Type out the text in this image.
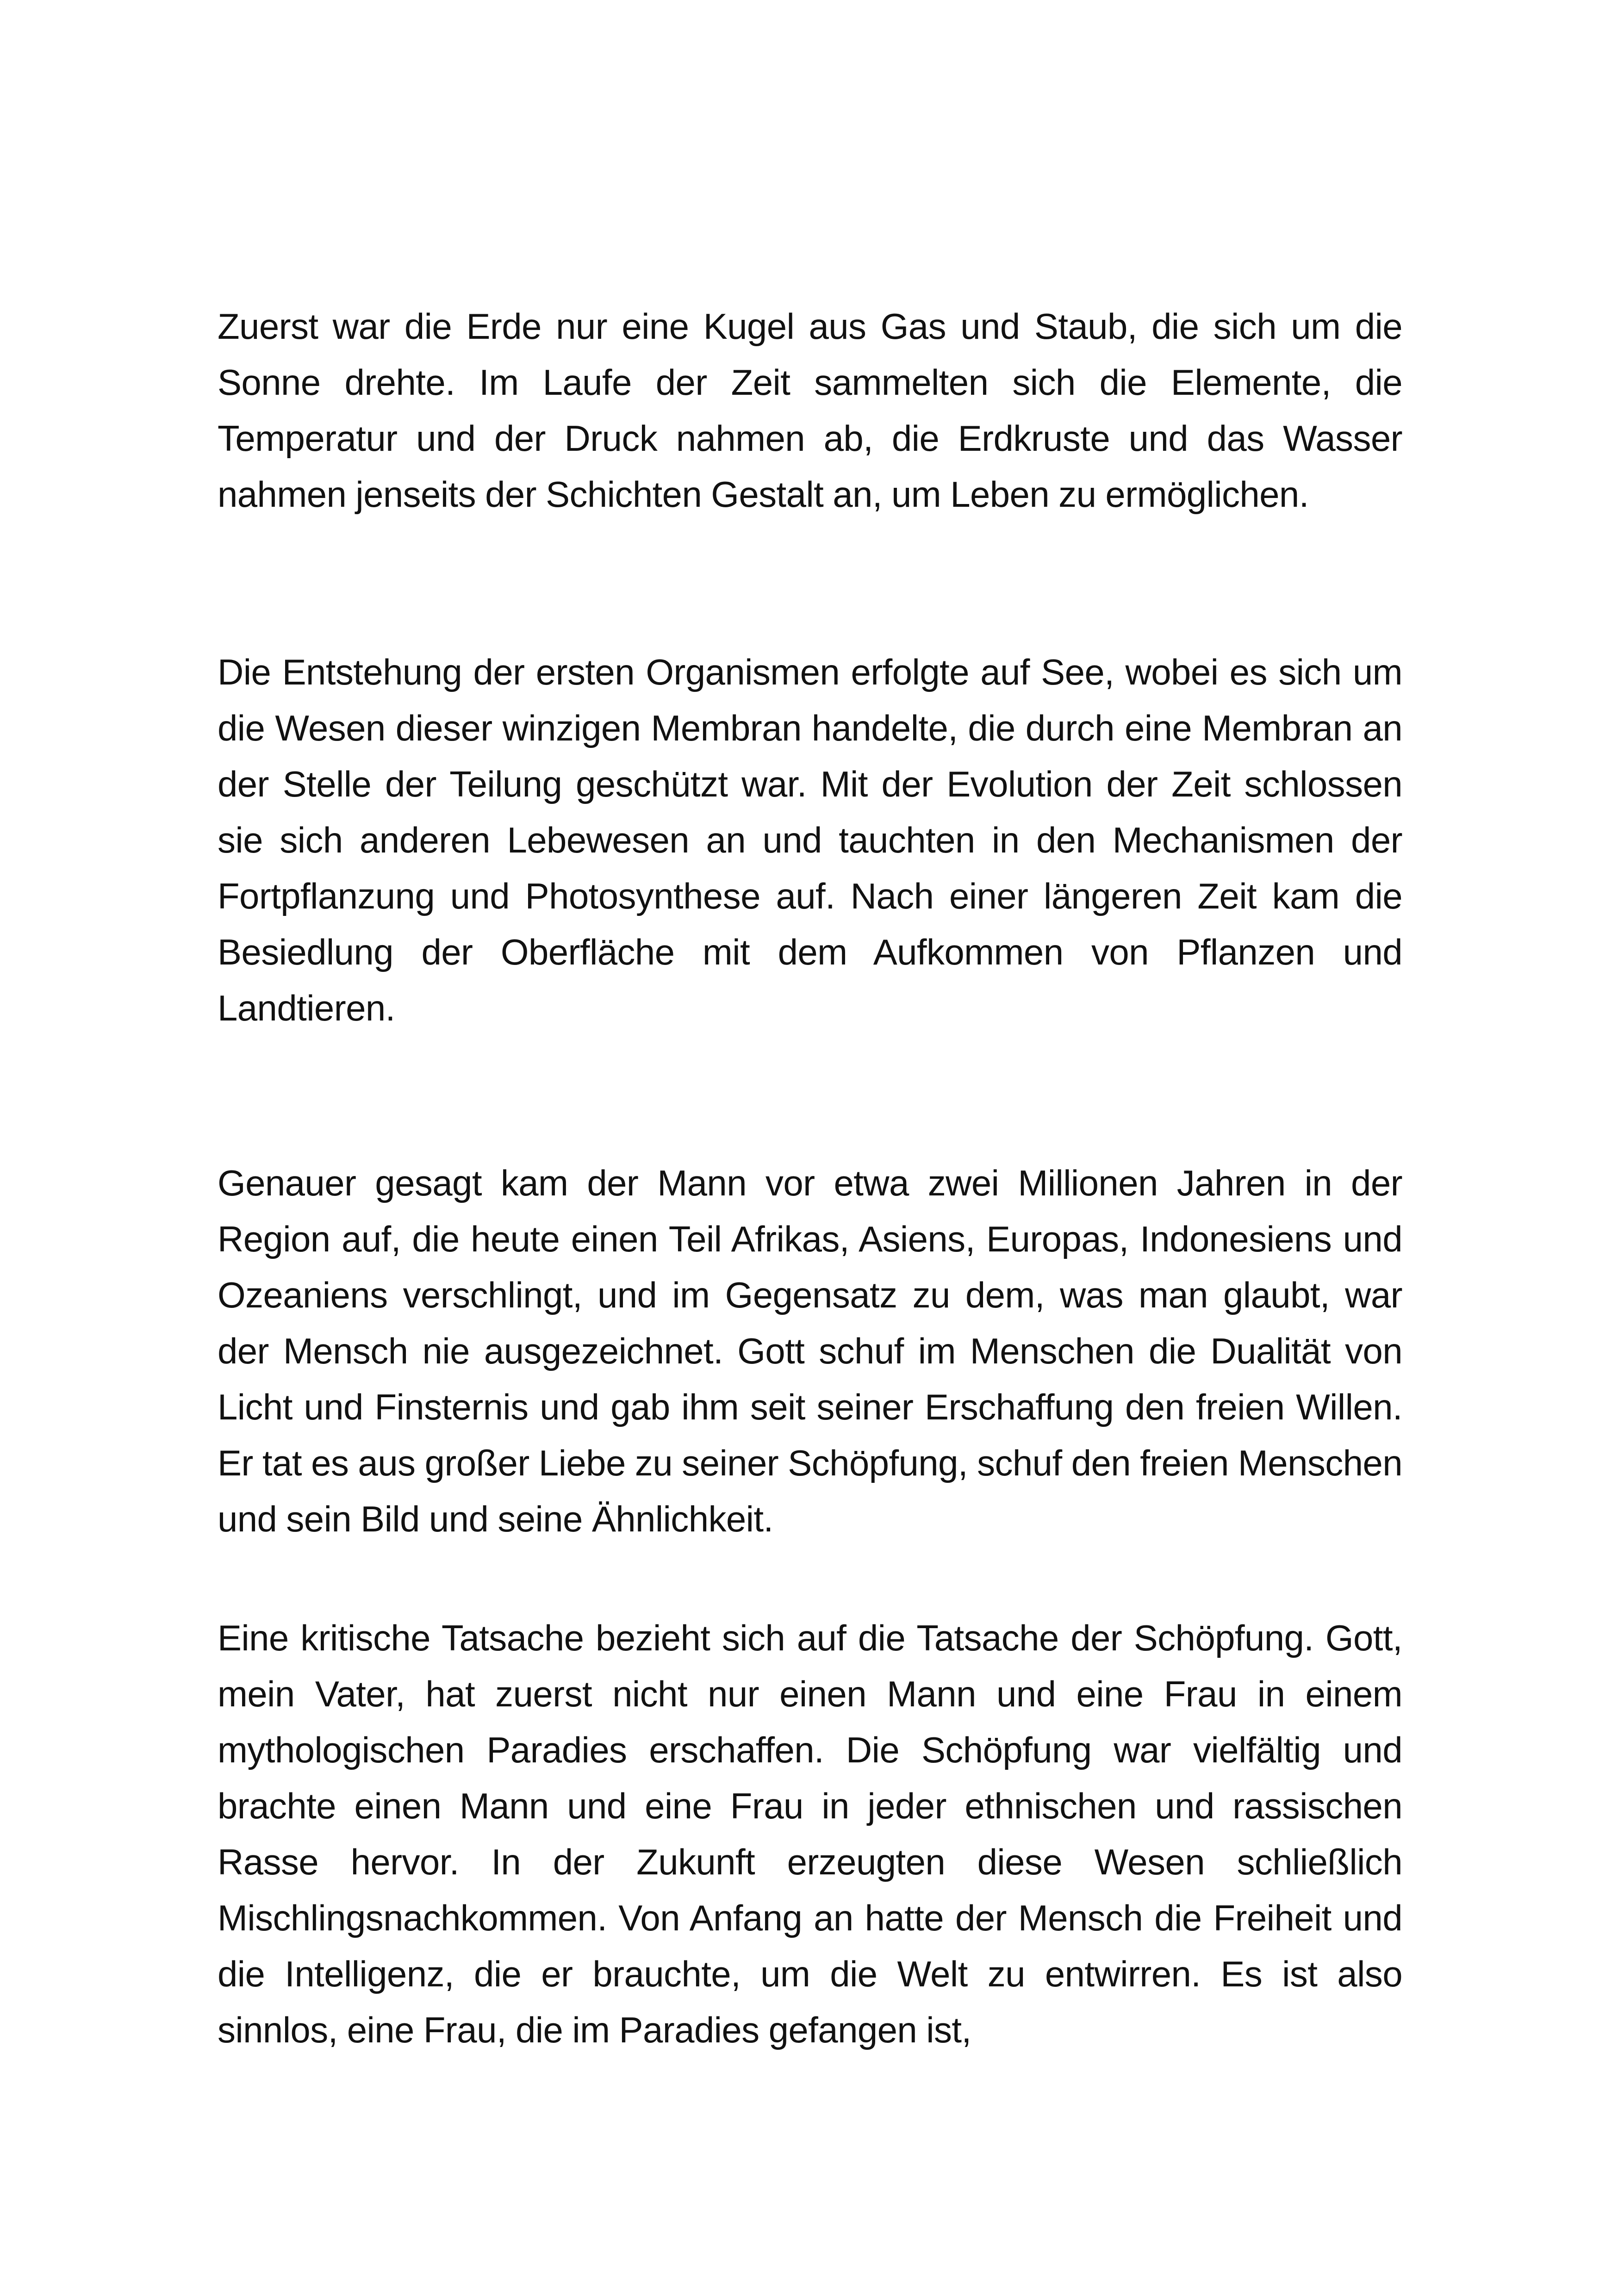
Zuerst war die Erde nur eine Kugel aus Gas und Staub, die sich um die Sonne drehte. Im Laufe der Zeit sammelten sich die Elemente, die Temperatur und der Druck nahmen ab, die Erdkruste und das Wasser nahmen jenseits der Schichten Gestalt an, um Leben zu ermöglichen.

Die Entstehung der ersten Organismen erfolgte auf See, wobei es sich um die Wesen dieser winzigen Membran handelte, die durch eine Membran an der Stelle der Teilung geschützt war. Mit der Evolution der Zeit schlossen sie sich anderen Lebewesen an und tauchten in den Mechanismen der Fortpflanzung und Photosynthese auf. Nach einer längeren Zeit kam die Besiedlung der Oberfläche mit dem Aufkommen von Pflanzen und Landtieren.

Genauer gesagt kam der Mann vor etwa zwei Millionen Jahren in der Region auf, die heute einen Teil Afrikas, Asiens, Europas, Indonesiens und Ozeaniens verschlingt, und im Gegensatz zu dem, was man glaubt, war der Mensch nie ausgezeichnet. Gott schuf im Menschen die Dualität von Licht und Finsternis und gab ihm seit seiner Erschaffung den freien Willen. Er tat es aus großer Liebe zu seiner Schöpfung, schuf den freien Menschen und sein Bild und seine Ähnlichkeit.

Eine kritische Tatsache bezieht sich auf die Tatsache der Schöpfung. Gott, mein Vater, hat zuerst nicht nur einen Mann und eine Frau in einem mythologischen Paradies erschaffen. Die Schöpfung war vielfältig und brachte einen Mann und eine Frau in jeder ethnischen und rassischen Rasse hervor. In der Zukunft erzeugten diese Wesen schließlich Mischlingsnachkommen. Von Anfang an hatte der Mensch die Freiheit und die Intelligenz, die er brauchte, um die Welt zu entwirren. Es ist also sinnlos, eine Frau, die im Paradies gefangen ist,
